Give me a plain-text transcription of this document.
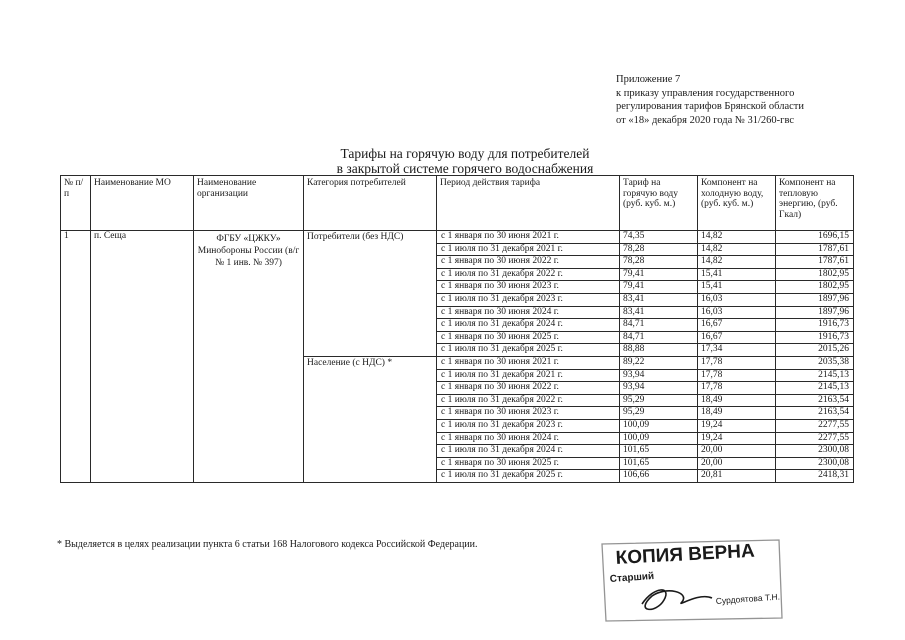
Приложение 7
к приказу управления государственного
регулирования тарифов Брянской области
от «18» декабря 2020 года № 31/260-гвс
Тарифы на горячую воду для потребителей
в закрытой системе горячего водоснабжения
№ п/п	Наименование МО	Наименование организации	Категория потребителей	Период действия тарифа	Тариф на горячую воду (руб. куб. м.)	Компонент на холодную воду, (руб. куб. м.)	Компонент на тепловую энергию, (руб. Гкал)
1	п. Сеща	ФГБУ «ЦЖКУ» Минобороны России (в/г № 1 инв. № 397)	Потребители (без НДС)	с 1 января по 30 июня 2021 г.	74,35	14,82	1696,15
				с 1 июля по 31 декабря 2021 г.	78,28	14,82	1787,61
				с 1 января по 30 июня 2022 г.	78,28	14,82	1787,61
				с 1 июля по 31 декабря 2022 г.	79,41	15,41	1802,95
				с 1 января по 30 июня 2023 г.	79,41	15,41	1802,95
				с 1 июля по 31 декабря 2023 г.	83,41	16,03	1897,96
				с 1 января по 30 июня 2024 г.	83,41	16,03	1897,96
				с 1 июля по 31 декабря 2024 г.	84,71	16,67	1916,73
				с 1 января по 30 июня 2025 г.	84,71	16,67	1916,73
				с 1 июля по 31 декабря 2025 г.	88,88	17,34	2015,26
			Население (с НДС) *	с 1 января по 30 июня 2021 г.	89,22	17,78	2035,38
				с 1 июля по 31 декабря 2021 г.	93,94	17,78	2145,13
				с 1 января по 30 июня 2022 г.	93,94	17,78	2145,13
				с 1 июля по 31 декабря 2022 г.	95,29	18,49	2163,54
				с 1 января по 30 июня 2023 г.	95,29	18,49	2163,54
				с 1 июля по 31 декабря 2023 г.	100,09	19,24	2277,55
				с 1 января по 30 июня 2024 г.	100,09	19,24	2277,55
				с 1 июля по 31 декабря 2024 г.	101,65	20,00	2300,08
				с 1 января по 30 июня 2025 г.	101,65	20,00	2300,08
				с 1 июля по 31 декабря 2025 г.	106,66	20,81	2418,31
* Выделяется в целях реализации пункта 6 статьи 168 Налогового кодекса Российской Федерации.	КОПИЯ ВЕРНА
Старший
Сурдоятова Т.Н.
